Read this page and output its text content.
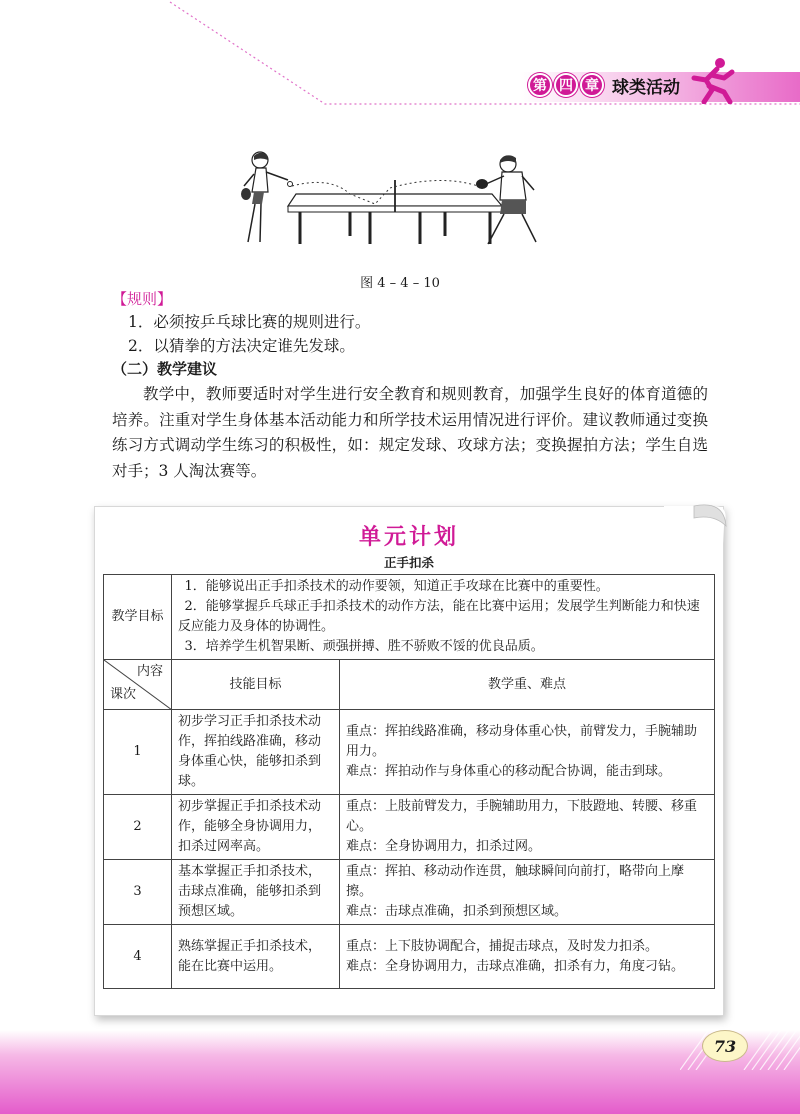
第 四 章 球类活动
图 4 – 4 – 10
【规则】
1．必须按乒乓球比赛的规则进行。
2．以猜拳的方法决定谁先发球。
（二）教学建议
教学中，教师要适时对学生进行安全教育和规则教育，加强学生良好的体育道德的培养。注重对学生身体基本活动能力和所学技术运用情况进行评价。建议教师通过变换练习方式调动学生练习的积极性，如：规定发球、攻球方法；变换握拍方法；学生自选对手；3 人淘汰赛等。
单元计划
正手扣杀
教学目标	1．能够说出正手扣杀技术的动作要领，知道正手攻球在比赛中的重要性。
2．能够掌握乒乓球正手扣杀技术的动作方法，能在比赛中运用；发展学生判断能力和快速反应能力及身体的协调性。
3．培养学生机智果断、顽强拼搏、胜不骄败不馁的优良品质。	

内容
课次	技能目标	教学重、难点
1	初步学习正手扣杀技术动作，挥拍线路准确，移动身体重心快，能够扣杀到球。	重点：挥拍线路准确，移动身体重心快，前臂发力，手腕辅助用力。
难点：挥拍动作与身体重心的移动配合协调，能击到球。

2	初步掌握正手扣杀技术动作，能够全身协调用力，扣杀过网率高。	重点：上肢前臂发力，手腕辅助用力，下肢蹬地、转腰、移重心。
难点：全身协调用力，扣杀过网。

3	基本掌握正手扣杀技术，击球点准确，能够扣杀到预想区域。	重点：挥拍、移动动作连贯，触球瞬间向前打，略带向上摩擦。
难点：击球点准确，扣杀到预想区域。

4	熟练掌握正手扣杀技术，能在比赛中运用。	重点：上下肢协调配合，捕捉击球点，及时发力扣杀。
难点：全身协调用力，击球点准确，扣杀有力，角度刁钻。
73
